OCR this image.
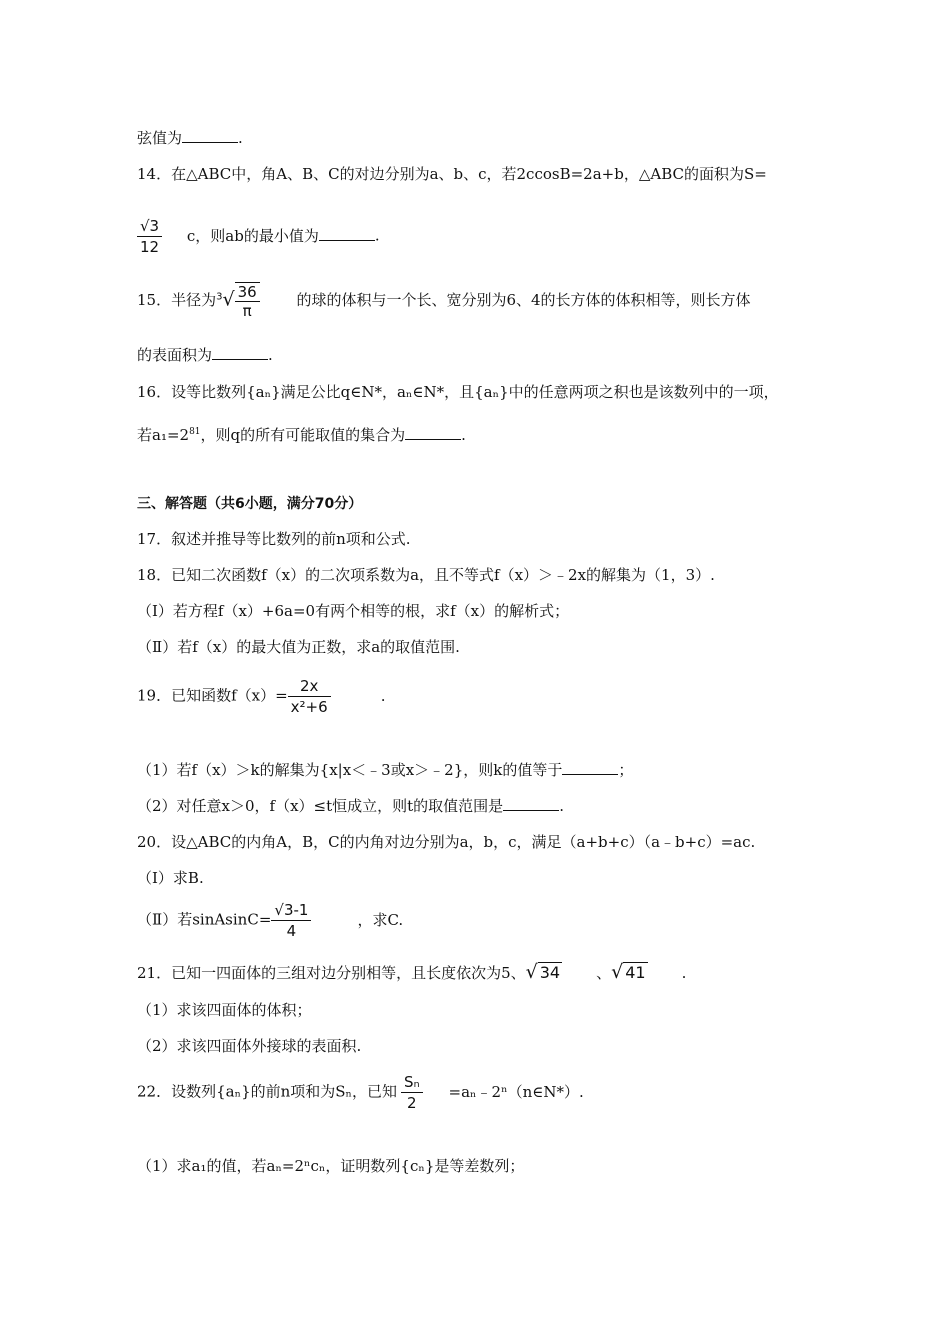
弦值为	.
14．在△ABC中，角A、B、C的对边分别为a、b、c，若2ccosB=2a+b，△ABC的面积为S=
$\frac{√3}{12}$ c，则ab的最小值为	.
15．半径为$^3√ \frac{36}{\pi}$ 的球的体积与一个长、宽分别为6、4的长方体的体积相等，则长方体
的表面积为	.
16．设等比数列{aₙ}满足公比q∈N*，aₙ∈N*，且{aₙ}中的任意两项之积也是该数列中的一项，
若$a_1=2^{81}$，则q的所有可能取值的集合为	.
三、解答题（共6小题，满分70分）
17．叙述并推导等比数列的前n项和公式.
18．已知二次函数f（x）的二次项系数为a，且不等式f（x）＞﹣2x的解集为（1，3）.
（Ⅰ）若方程f（x）+6a=0有两个相等的根，求f（x）的解析式；
（Ⅱ）若f（x）的最大值为正数，求a的取值范围.
19．已知函数$f(x)= \frac{2x}{\text{x²+6}}$	.
（1）若f（x）＞k的解集为{x|x＜﹣3或x＞﹣2}，则k的值等于	；
（2）对任意x＞0，f（x）≤t恒成立，则t的取值范围是	.
20．设△ABC的内角A，B，C的内角对边分别为a，b，c，满足（a+b+c）（a﹣b+c）=ac.
（Ⅰ）求B.
（Ⅱ）若sinAsinC= $\frac{√3-1}{4}$	，求C.
21．已知一四面体的三组对边分别相等，且长度依次为5、√ 34 、√ 41 .
（1）求该四面体的体积；
（2）求该四面体外接球的表面积.
22．设数列{aₙ}的前n项和为Sₙ，已知 $\frac{\text{Sₙ}}{2}$ =aₙ﹣2ⁿ（n∈N*）.
（1）求a₁的值，若aₙ=2ⁿcₙ，证明数列{cₙ}是等差数列；
